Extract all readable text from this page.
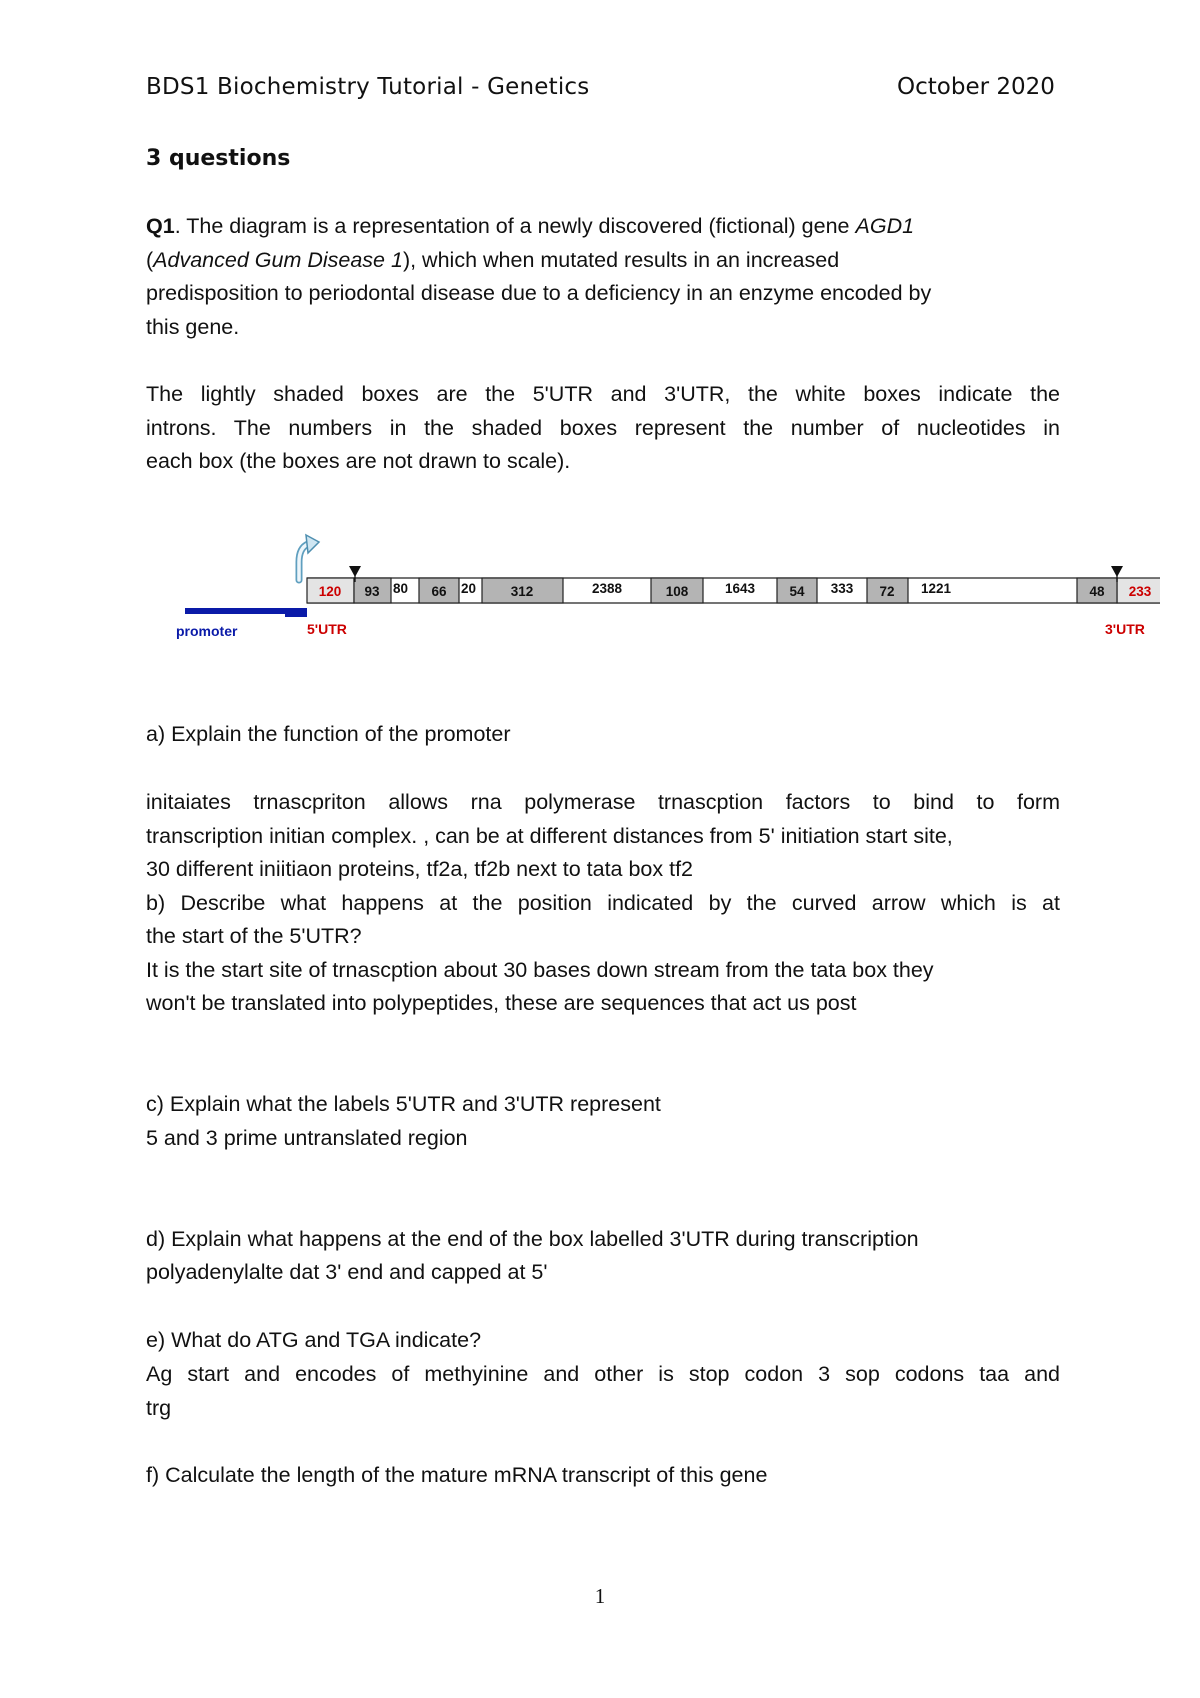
BDS1 Biochemistry Tutorial - Genetics	October 2020
3 questions
Q1. The diagram is a representation of a newly discovered (fictional) gene AGD1
(Advanced Gum Disease 1), which when mutated results in an increased
predisposition to periodontal disease due to a deficiency in an enzyme encoded by
this gene.
The lightly shaded boxes are the 5'UTR and 3'UTR, the white boxes indicate the
introns. The numbers in the shaded boxes represent the number of nucleotides in
each box (the boxes are not drawn to scale).
promoter
120
5'UTR
233
3'UTR
93	66	312	108	54	72	48
80	20	2388	1643	333	1221
a) Explain the function of the promoter
initaiates trnascpriton allows rna polymerase trnascption factors to bind to form
transcription initian complex. , can be at different distances from 5' initiation start site,
30 different iniitiaon proteins, tf2a, tf2b next to tata box tf2
b) Describe what happens at the position indicated by the curved arrow which is at
the start of the 5'UTR?
It is the start site of trnascption about 30 bases down stream from the tata box they
won't be translated into polypeptides, these are sequences that act us post
c) Explain what the labels 5'UTR and 3'UTR represent
5 and 3 prime untranslated region
d) Explain what happens at the end of the box labelled 3'UTR during transcription
polyadenylalte dat 3' end and capped at 5'
e) What do ATG and TGA indicate?
Ag start and encodes of methyinine and other is stop codon 3 sop codons taa and
trg
f) Calculate the length of the mature mRNA transcript of this gene
1
